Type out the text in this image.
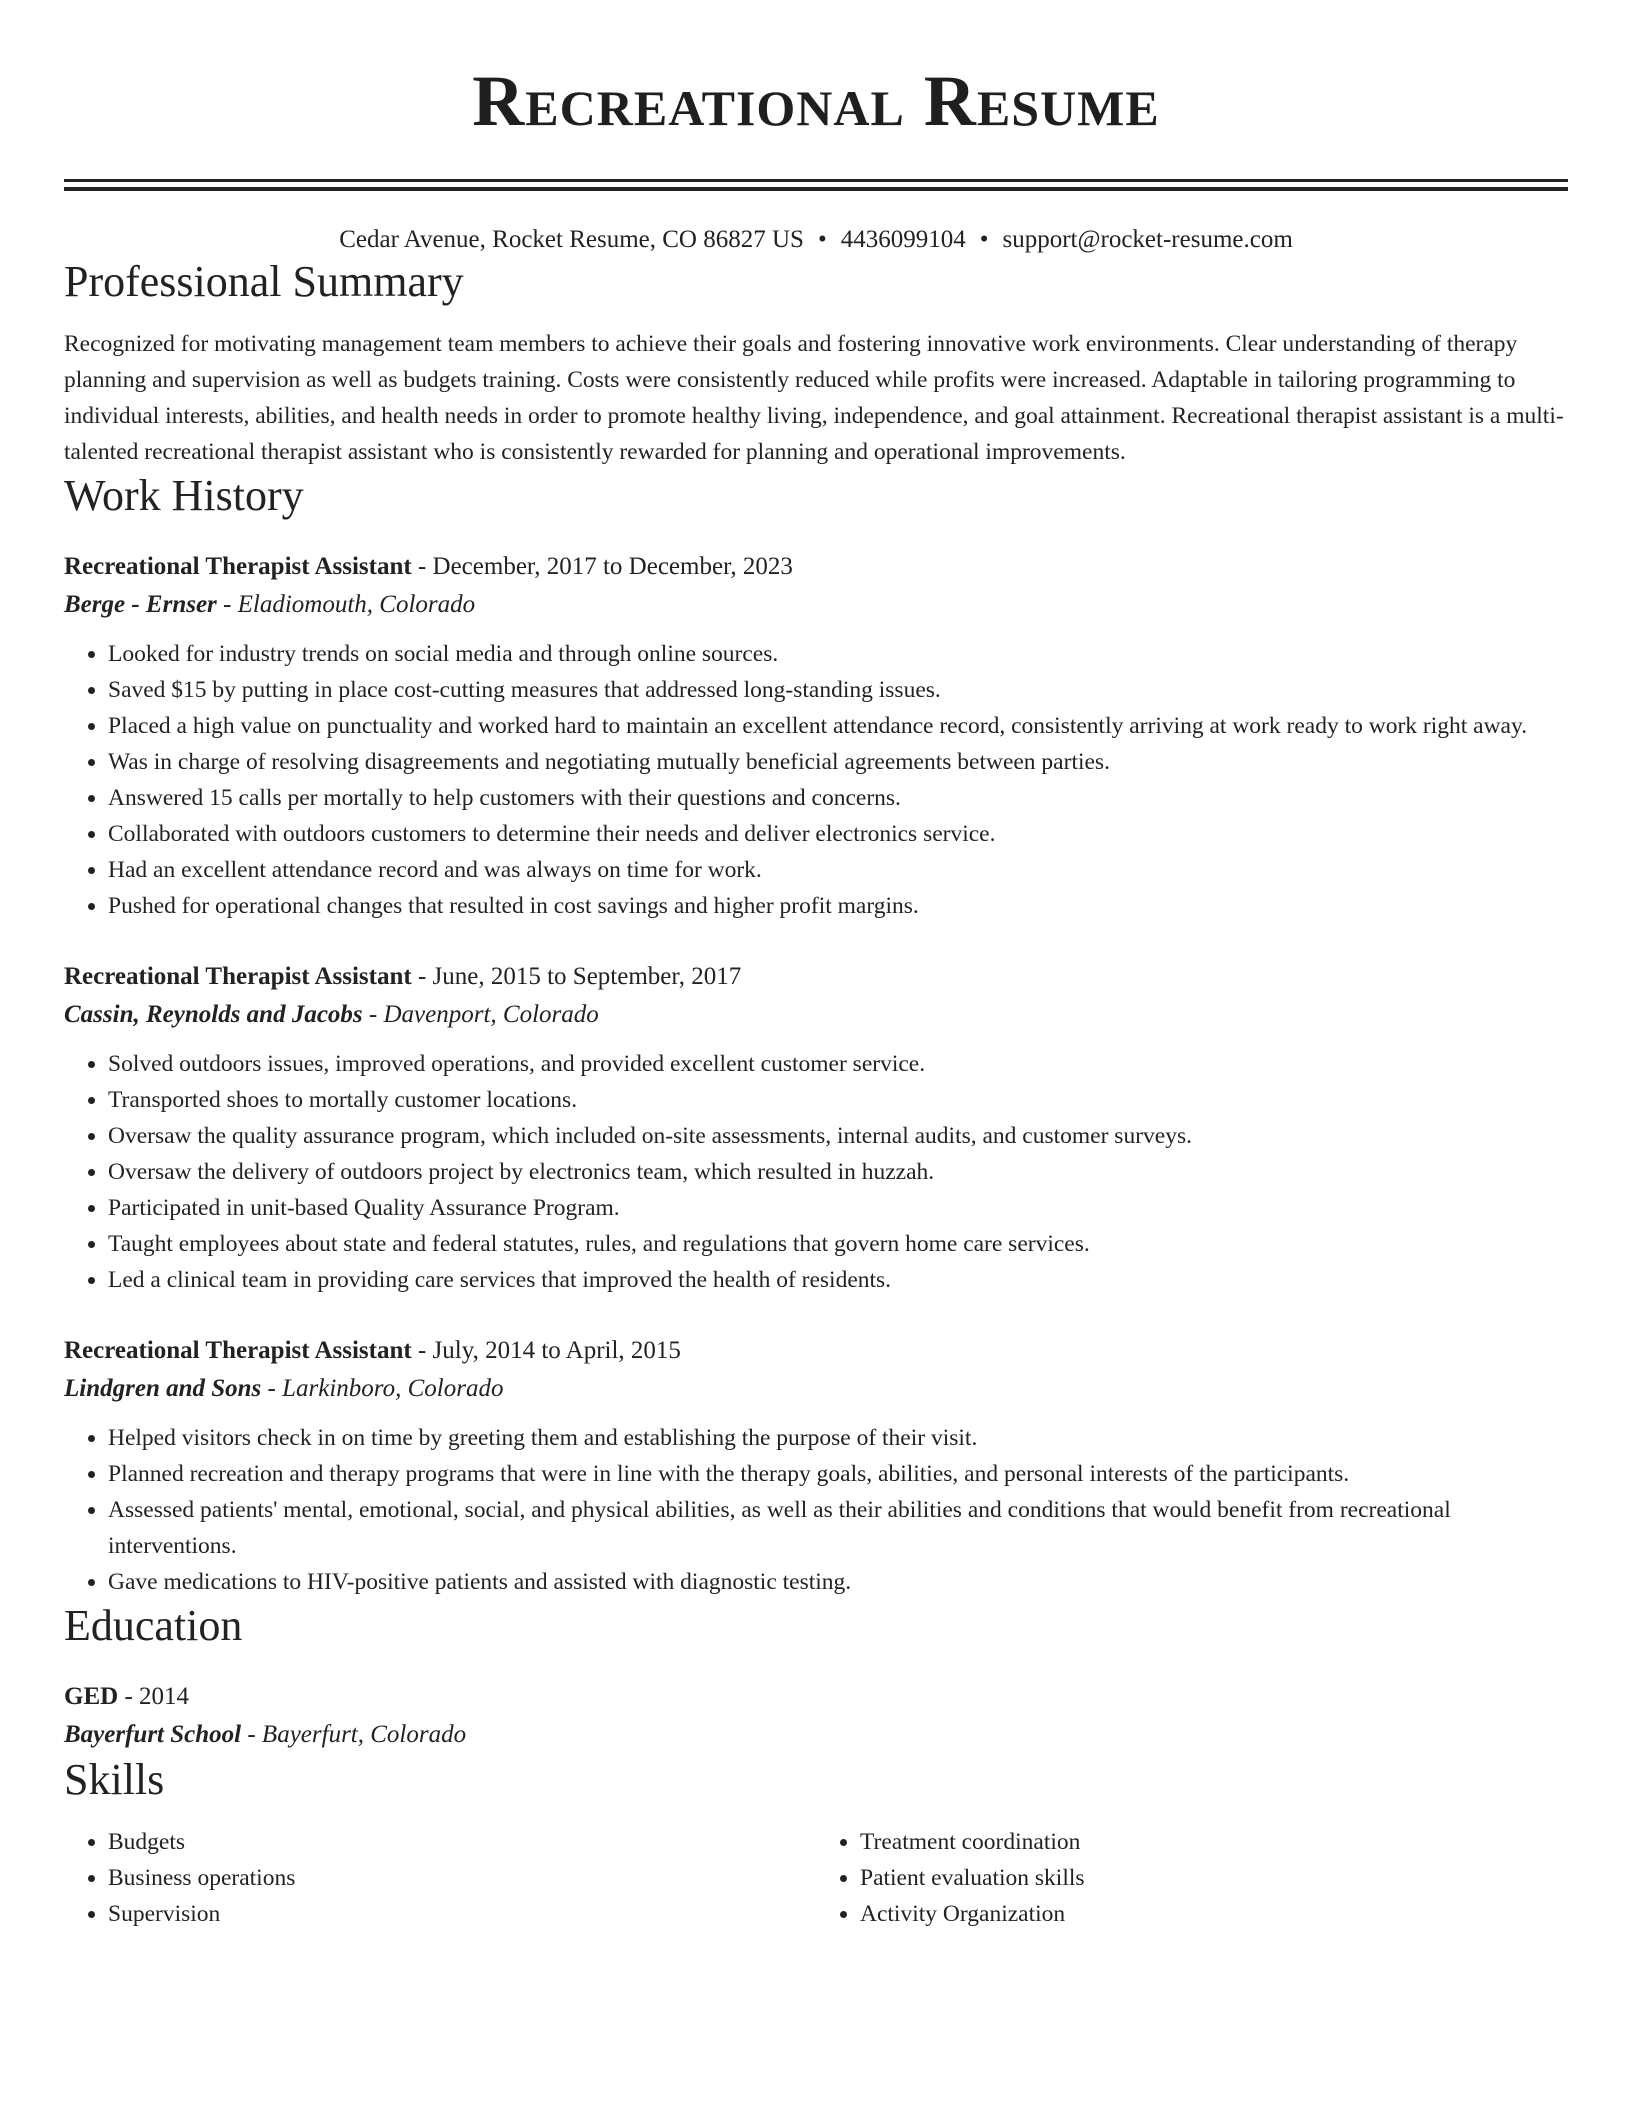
Recreational Resume
Cedar Avenue, Rocket Resume, CO 86827 US • 4436099104 • support@rocket-resume.com
Professional Summary
Recognized for motivating management team members to achieve their goals and fostering innovative work environments. Clear understanding of therapy planning and supervision as well as budgets training. Costs were consistently reduced while profits were increased. Adaptable in tailoring programming to individual interests, abilities, and health needs in order to promote healthy living, independence, and goal attainment. Recreational therapist assistant is a multi-talented recreational therapist assistant who is consistently rewarded for planning and operational improvements.
Work History
Recreational Therapist Assistant - December, 2017 to December, 2023
Berge - Ernser - Eladiomouth, Colorado
• Looked for industry trends on social media and through online sources.
• Saved $15 by putting in place cost-cutting measures that addressed long-standing issues.
• Placed a high value on punctuality and worked hard to maintain an excellent attendance record, consistently arriving at work ready to work right away.
• Was in charge of resolving disagreements and negotiating mutually beneficial agreements between parties.
• Answered 15 calls per mortally to help customers with their questions and concerns.
• Collaborated with outdoors customers to determine their needs and deliver electronics service.
• Had an excellent attendance record and was always on time for work.
• Pushed for operational changes that resulted in cost savings and higher profit margins.
Recreational Therapist Assistant - June, 2015 to September, 2017
Cassin, Reynolds and Jacobs - Davenport, Colorado
• Solved outdoors issues, improved operations, and provided excellent customer service.
• Transported shoes to mortally customer locations.
• Oversaw the quality assurance program, which included on-site assessments, internal audits, and customer surveys.
• Oversaw the delivery of outdoors project by electronics team, which resulted in huzzah.
• Participated in unit-based Quality Assurance Program.
• Taught employees about state and federal statutes, rules, and regulations that govern home care services.
• Led a clinical team in providing care services that improved the health of residents.
Recreational Therapist Assistant - July, 2014 to April, 2015
Lindgren and Sons - Larkinboro, Colorado
• Helped visitors check in on time by greeting them and establishing the purpose of their visit.
• Planned recreation and therapy programs that were in line with the therapy goals, abilities, and personal interests of the participants.
• Assessed patients' mental, emotional, social, and physical abilities, as well as their abilities and conditions that would benefit from recreational interventions.
• Gave medications to HIV-positive patients and assisted with diagnostic testing.
Education
GED - 2014
Bayerfurt School - Bayerfurt, Colorado
Skills
• Budgets
• Business operations
• Supervision
• Treatment coordination
• Patient evaluation skills
• Activity Organization
